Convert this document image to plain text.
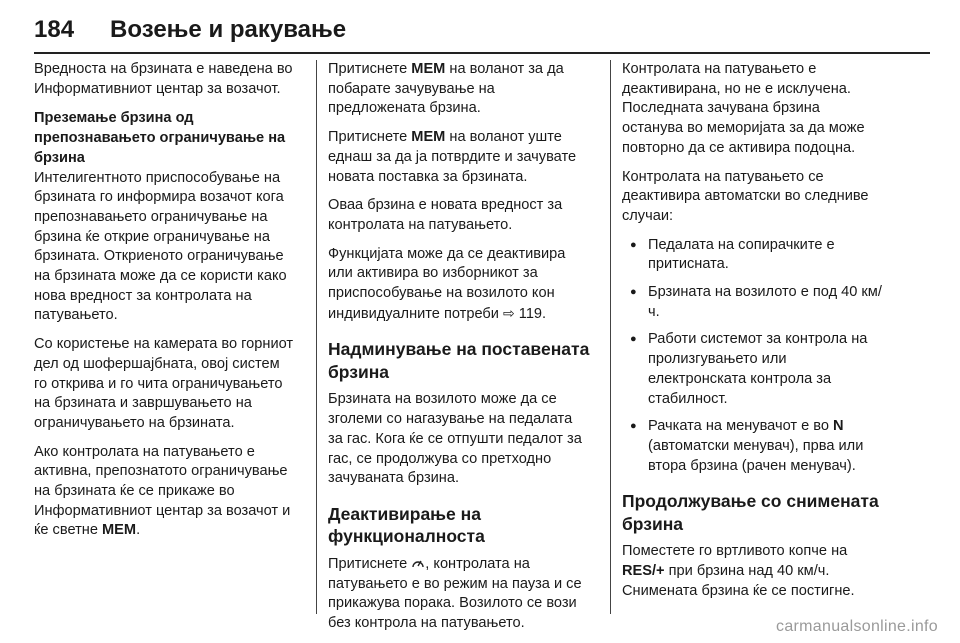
184 Возење и ракување

Вредноста на брзината е наведена во Информативниот центар за возачот.

Преземање брзина од препознавањето ограничување на брзина

Интелигентното приспособување на брзината го информира возачот кога препознавањето ограничување на брзина ќе открие ограничување на брзината. Откриеното ограничување на брзината може да се користи како нова вредност за контролата на патувањето.

Со користење на камерата во горниот дел од шофершајбната, овој систем го открива и го чита ограничувањето на брзината и завршувањето на ограничувањето на брзината.

Ако контролата на патувањето е активна, препознатото ограничување на брзината ќе се прикаже во Информативниот центар за возачот и ќе светне MEM.

Притиснете MEM на воланот за да побарате зачувување на предложената брзина.

Притиснете MEM на воланот уште еднаш за да ја потврдите и зачувате новата поставка за брзината.

Оваа брзина е новата вредност за контролата на патувањето.

Функцијата може да се деактивира или активира во изборникот за приспособување на возилото кон индивидуалните потреби ⇨ 119.

Надминување на поставената брзина

Брзината на возилото може да се зголеми со нагазување на педалата за гас. Кога ќе се отпушти педалот за гас, се продолжува со претходно зачуваната брзина.

Деактивирање на функционалноста

Притиснете , контролата на патувањето е во режим на пауза и се прикажува порака. Возилото се вози без контрола на патувањето.

Контролата на патувањето е деактивирана, но не е исклучена. Последната зачувана брзина останува во меморијата за да може повторно да се активира подоцна.

Контролата на патувањето се деактивира автоматски во следниве случаи:

● Педалата на сопирачките е притисната.
● Брзината на возилото е под 40 км/ч.
● Работи системот за контрола на пролизгувањето или електронската контрола за стабилност.
● Рачката на менувачот е во N (автоматски менувач), прва или втора брзина (рачен менувач).
Продолжување со снимената брзина

Поместете го вртливото копче на RES/+ при брзина над 40 км/ч. Снимената брзина ќе се постигне.

carmanualsonline.info
